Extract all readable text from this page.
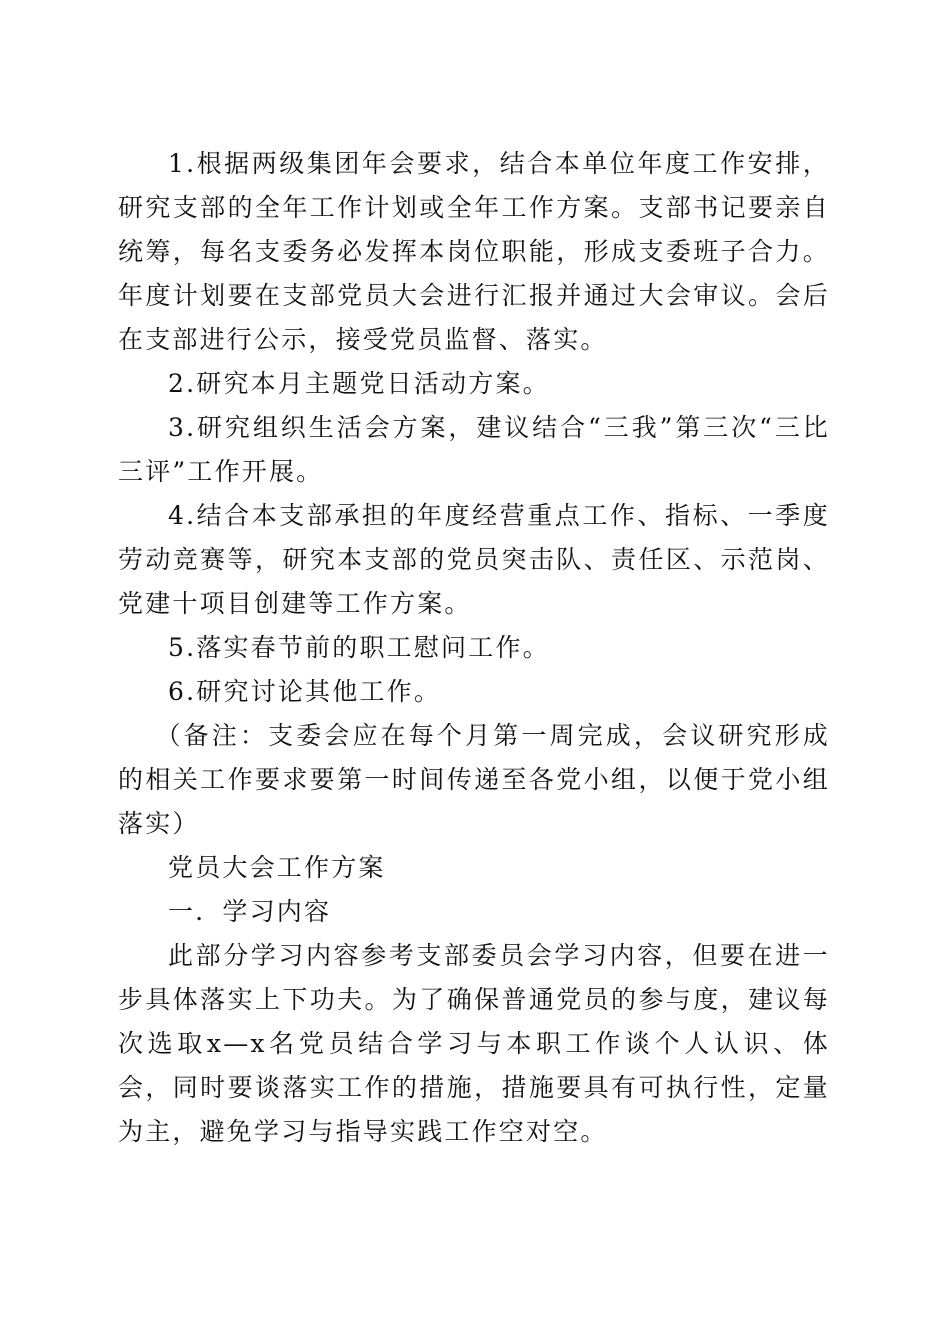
1.根据两级集团年会要求，结合本单位年度工作安排，研究支部的全年工作计划或全年工作方案。支部书记要亲自统筹，每名支委务必发挥本岗位职能，形成支委班子合力。年度计划要在支部党员大会进行汇报并通过大会审议。会后在支部进行公示，接受党员监督、落实。

2.研究本月主题党日活动方案。

3.研究组织生活会方案，建议结合“三我”第三次“三比三评”工作开展。

4.结合本支部承担的年度经营重点工作、指标、一季度劳动竞赛等，研究本支部的党员突击队、责任区、示范岗、党建十项目创建等工作方案。

5.落实春节前的职工慰问工作。

6.研究讨论其他工作。

（备注：支委会应在每个月第一周完成，会议研究形成的相关工作要求要第一时间传递至各党小组，以便于党小组落实）

党员大会工作方案

一．学习内容

此部分学习内容参考支部委员会学习内容，但要在进一步具体落实上下功夫。为了确保普通党员的参与度，建议每次选取x—x名党员结合学习与本职工作谈个人认识、体会，同时要谈落实工作的措施，措施要具有可执行性，定量为主，避免学习与指导实践工作空对空。
